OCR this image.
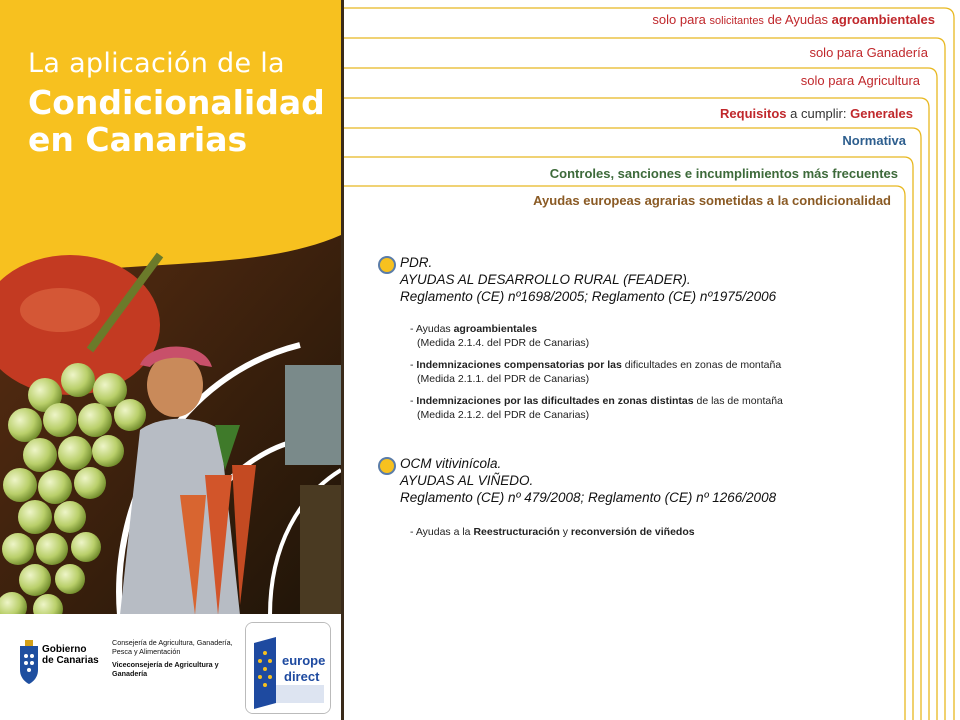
La aplicación de la
Condicionalidad
en Canarias
Gobierno
de Canarias
Consejería de Agricultura, Ganadería, Pesca y Alimentación
Viceconsejería de Agricultura y Ganadería
europe
direct
solo para solicitantes de Ayudas agroambientales
solo para Ganadería
solo para Agricultura
Requisitos a cumplir: Generales
Normativa
Controles, sanciones e incumplimientos más frecuentes
Ayudas europeas agrarias sometidas a la condicionalidad
PDR.
AYUDAS AL DESARROLLO RURAL (FEADER).
Reglamento (CE) nº1698/2005; Reglamento (CE) nº1975/2006
- Ayudas agroambientales
(Medida 2.1.4. del PDR de Canarias)
- Indemnizaciones compensatorias por las dificultades en zonas de montaña
(Medida 2.1.1. del PDR de Canarias)
- Indemnizaciones por las dificultades en zonas distintas de las de montaña
(Medida 2.1.2. del PDR de Canarias)
OCM vitivinícola.
AYUDAS AL VIÑEDO.
Reglamento (CE) nº 479/2008; Reglamento (CE) nº 1266/2008
- Ayudas a la Reestructuración y reconversión de viñedos
